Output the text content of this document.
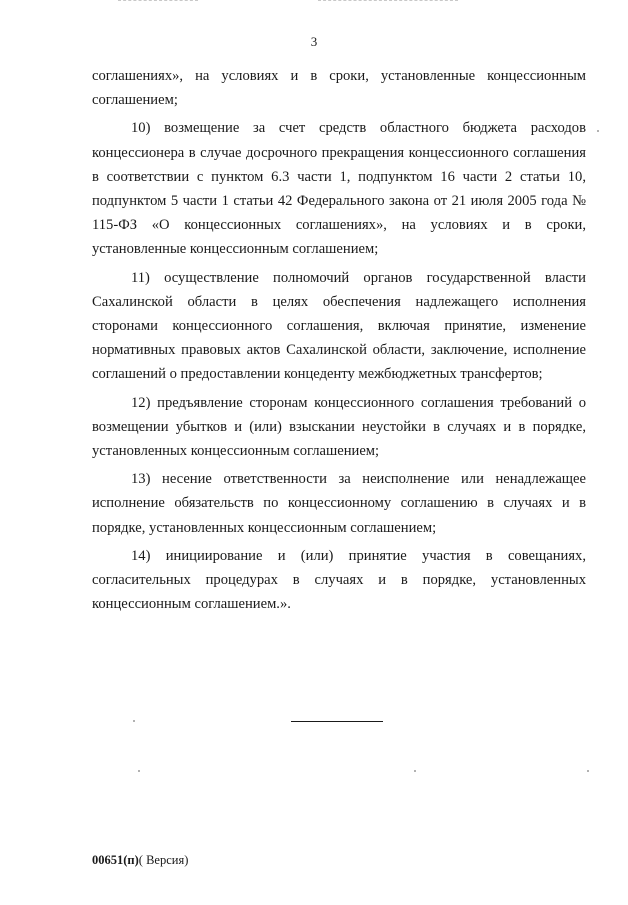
3

соглашениях», на условиях и в сроки, установленные концессионным соглашением;

10) возмещение за счет средств областного бюджета расходов концессионера в случае досрочного прекращения концессионного соглашения в соответствии с пунктом 6.3 части 1, подпунктом 16 части 2 статьи 10, подпунктом 5 части 1 статьи 42 Федерального закона от 21 июля 2005 года № 115-ФЗ «О концессионных соглашениях», на условиях и в сроки, установленные концессионным соглашением;

11) осуществление полномочий органов государственной власти Сахалинской области в целях обеспечения надлежащего исполнения сторонами концессионного соглашения, включая принятие, изменение нормативных правовых актов Сахалинской области, заключение, исполнение соглашений о предоставлении концеденту межбюджетных трансфертов;

12) предъявление сторонам концессионного соглашения требований о возмещении убытков и (или) взыскании неустойки в случаях и в порядке, установленных концессионным соглашением;

13) несение ответственности за неисполнение или ненадлежащее исполнение обязательств по концессионному соглашению в случаях и в порядке, установленных концессионным соглашением;

14) инициирование и (или) принятие участия в совещаниях, согласительных процедурах в случаях и в порядке, установленных концессионным соглашением.».

00651(п)( Версия)
